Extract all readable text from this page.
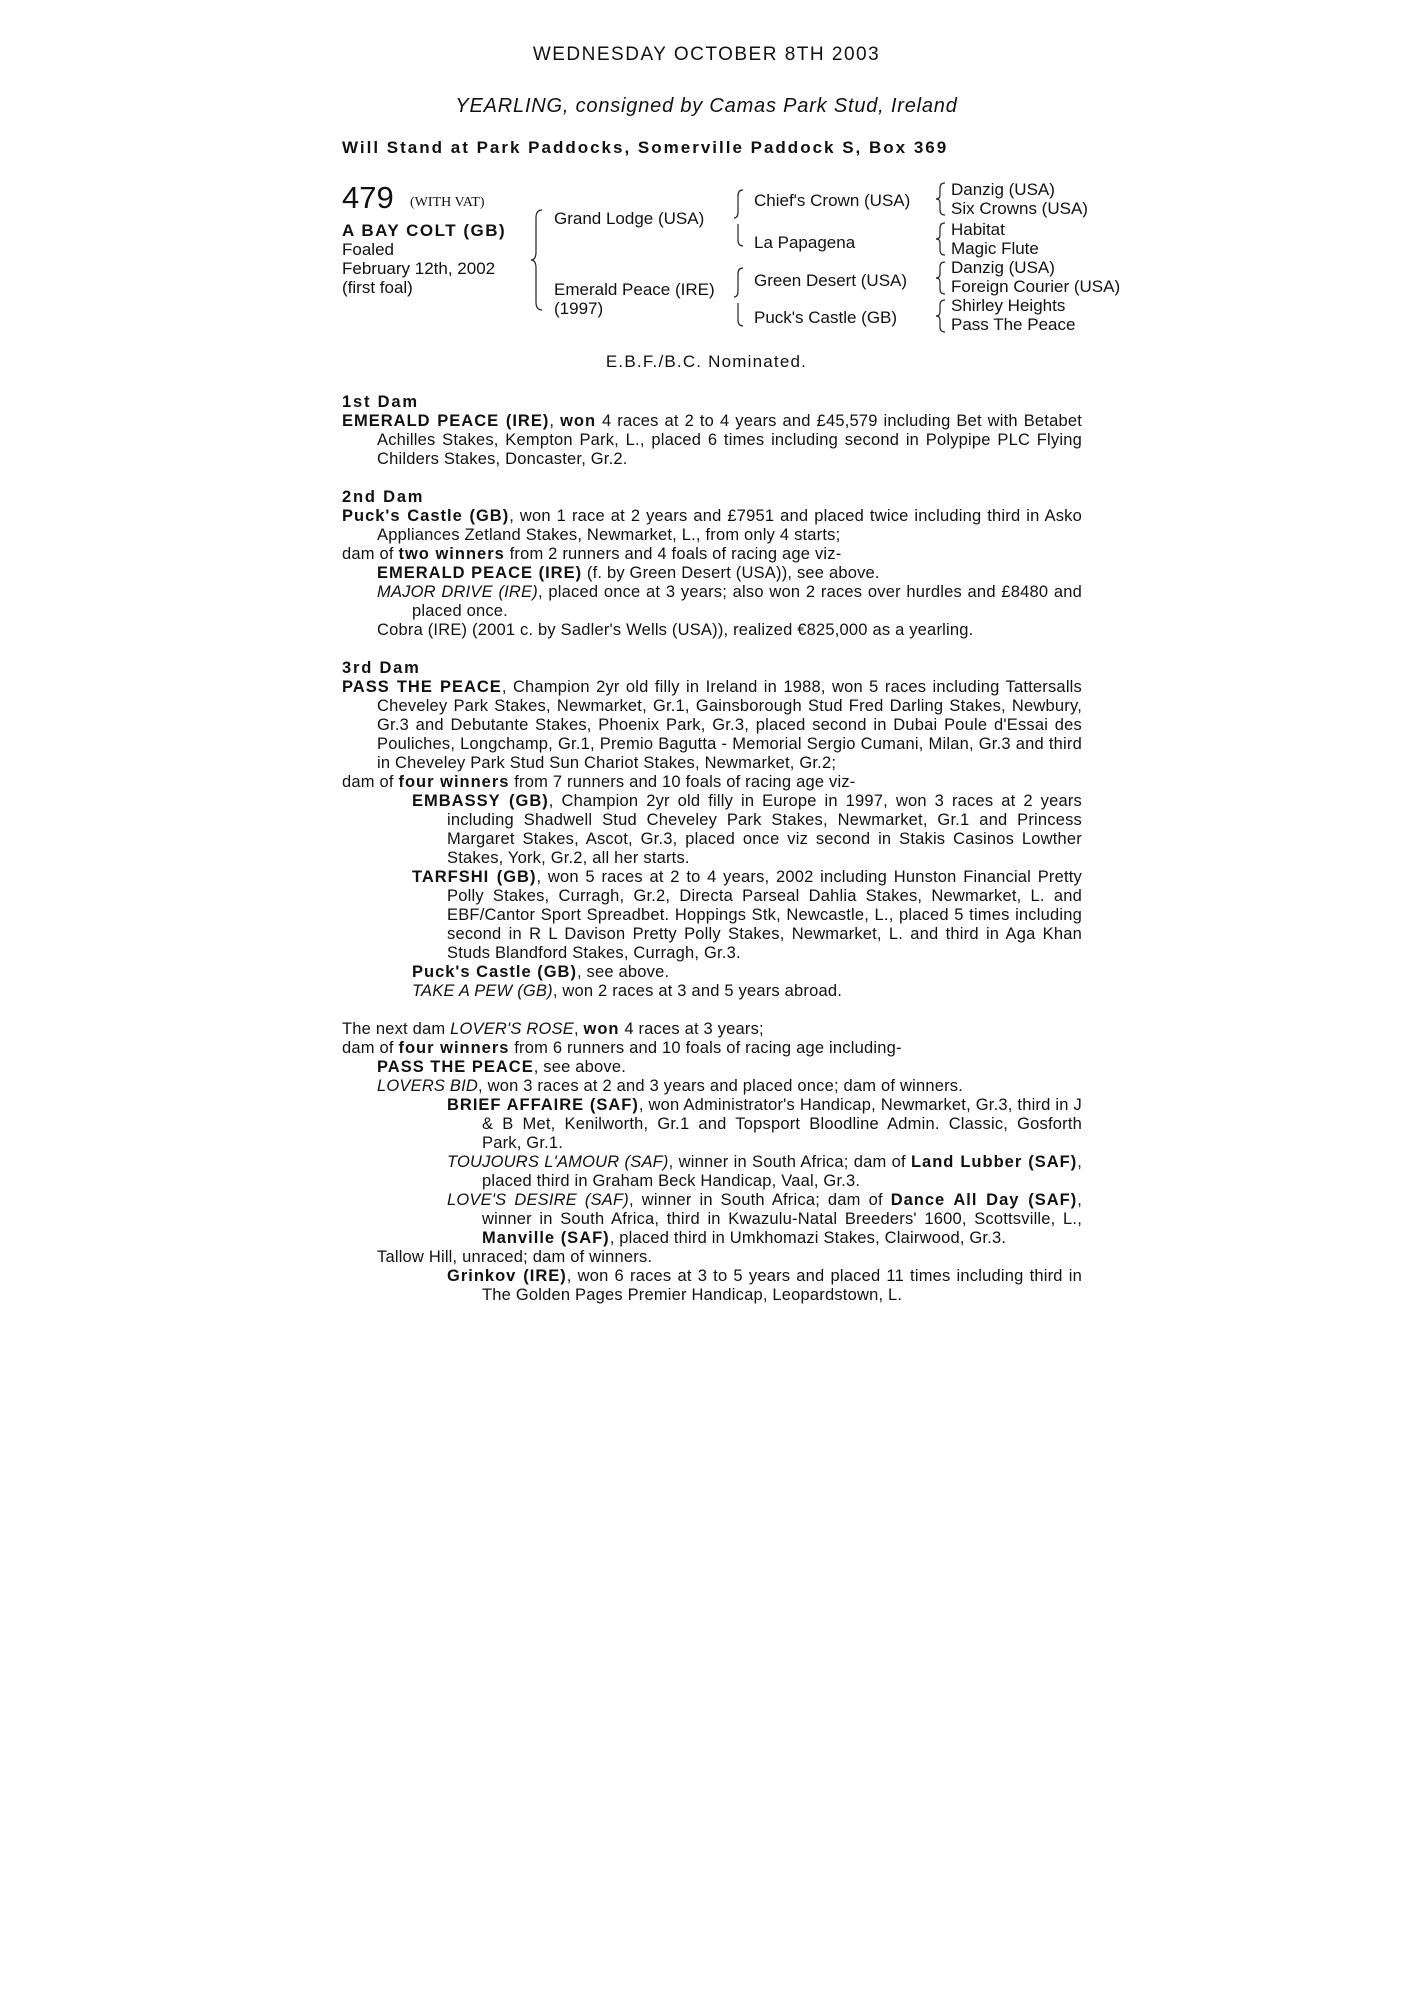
WEDNESDAY OCTOBER 8TH 2003
YEARLING, consigned by Camas Park Stud, Ireland
Will Stand at Park Paddocks, Somerville Paddock S, Box 369
479 (WITH VAT)
A BAY COLT (GB)
Foaled
February 12th, 2002
(first foal)
Grand Lodge (USA)
Emerald Peace (IRE)
(1997)
Chief's Crown (USA)
La Papagena
Green Desert (USA)
Puck's Castle (GB)
Danzig (USA)
Six Crowns (USA)
Habitat
Magic Flute
Danzig (USA)
Foreign Courier (USA)
Shirley Heights
Pass The Peace
E.B.F./B.C. Nominated.

1st Dam

EMERALD PEACE (IRE), won 4 races at 2 to 4 years and £45,579 including Bet with Betabet Achilles Stakes, Kempton Park, L., placed 6 times including second in Polypipe PLC Flying Childers Stakes, Doncaster, Gr.2.

2nd Dam

Puck's Castle (GB), won 1 race at 2 years and £7951 and placed twice including third in Asko Appliances Zetland Stakes, Newmarket, L., from only 4 starts;

dam of two winners from 2 runners and 4 foals of racing age viz-

EMERALD PEACE (IRE) (f. by Green Desert (USA)), see above.

MAJOR DRIVE (IRE), placed once at 3 years; also won 2 races over hurdles and £8480 and placed once.

Cobra (IRE) (2001 c. by Sadler's Wells (USA)), realized €825,000 as a yearling.

3rd Dam

PASS THE PEACE, Champion 2yr old filly in Ireland in 1988, won 5 races including Tattersalls Cheveley Park Stakes, Newmarket, Gr.1, Gainsborough Stud Fred Darling Stakes, Newbury, Gr.3 and Debutante Stakes, Phoenix Park, Gr.3, placed second in Dubai Poule d'Essai des Pouliches, Longchamp, Gr.1, Premio Bagutta - Memorial Sergio Cumani, Milan, Gr.3 and third in Cheveley Park Stud Sun Chariot Stakes, Newmarket, Gr.2;

dam of four winners from 7 runners and 10 foals of racing age viz-

EMBASSY (GB), Champion 2yr old filly in Europe in 1997, won 3 races at 2 years including Shadwell Stud Cheveley Park Stakes, Newmarket, Gr.1 and Princess Margaret Stakes, Ascot, Gr.3, placed once viz second in Stakis Casinos Lowther Stakes, York, Gr.2, all her starts.

TARFSHI (GB), won 5 races at 2 to 4 years, 2002 including Hunston Financial Pretty Polly Stakes, Curragh, Gr.2, Directa Parseal Dahlia Stakes, Newmarket, L. and EBF/Cantor Sport Spreadbet. Hoppings Stk, Newcastle, L., placed 5 times including second in R L Davison Pretty Polly Stakes, Newmarket, L. and third in Aga Khan Studs Blandford Stakes, Curragh, Gr.3.

Puck's Castle (GB), see above.

TAKE A PEW (GB), won 2 races at 3 and 5 years abroad.

The next dam LOVER'S ROSE, won 4 races at 3 years;

dam of four winners from 6 runners and 10 foals of racing age including-

PASS THE PEACE, see above.

LOVERS BID, won 3 races at 2 and 3 years and placed once; dam of winners.

BRIEF AFFAIRE (SAF), won Administrator's Handicap, Newmarket, Gr.3, third in J & B Met, Kenilworth, Gr.1 and Topsport Bloodline Admin. Classic, Gosforth Park, Gr.1.

TOUJOURS L'AMOUR (SAF), winner in South Africa; dam of Land Lubber (SAF), placed third in Graham Beck Handicap, Vaal, Gr.3.

LOVE'S DESIRE (SAF), winner in South Africa; dam of Dance All Day (SAF), winner in South Africa, third in Kwazulu-Natal Breeders' 1600, Scottsville, L., Manville (SAF), placed third in Umkhomazi Stakes, Clairwood, Gr.3.

Tallow Hill, unraced; dam of winners.

Grinkov (IRE), won 6 races at 3 to 5 years and placed 11 times including third in The Golden Pages Premier Handicap, Leopardstown, L.
